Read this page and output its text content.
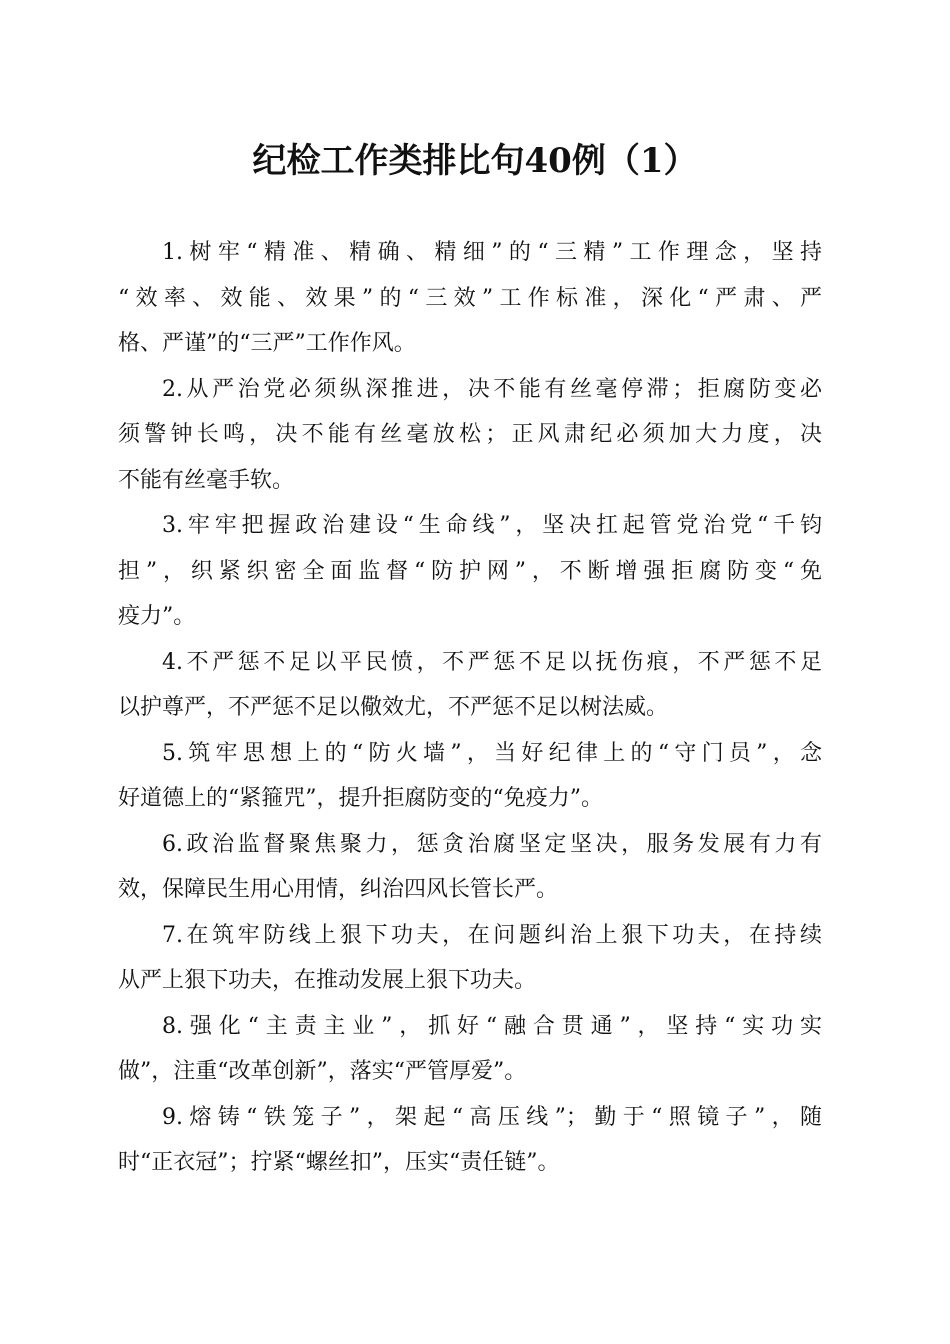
纪检工作类排比句40例（1）
1.树牢“精准、精确、精细”的“三精”工作理念，坚持
“效率、效能、效果”的“三效”工作标准，深化“严肃、严
格、严谨”的“三严”工作作风。
2.从严治党必须纵深推进，决不能有丝毫停滞；拒腐防变必
须警钟长鸣，决不能有丝毫放松；正风肃纪必须加大力度，决
不能有丝毫手软。
3.牢牢把握政治建设“生命线”，坚决扛起管党治党“千钧
担”，织紧织密全面监督“防护网”，不断增强拒腐防变“免
疫力”。
4.不严惩不足以平民愤，不严惩不足以抚伤痕，不严惩不足
以护尊严，不严惩不足以儆效尤，不严惩不足以树法威。
5.筑牢思想上的“防火墙”，当好纪律上的“守门员”，念
好道德上的“紧箍咒”，提升拒腐防变的“免疫力”。
6.政治监督聚焦聚力，惩贪治腐坚定坚决，服务发展有力有
效，保障民生用心用情，纠治四风长管长严。
7.在筑牢防线上狠下功夫，在问题纠治上狠下功夫，在持续
从严上狠下功夫，在推动发展上狠下功夫。
8.强化“主责主业”，抓好“融合贯通”，坚持“实功实
做”，注重“改革创新”，落实“严管厚爱”。
9.熔铸“铁笼子”，架起“高压线”；勤于“照镜子”，随
时“正衣冠”；拧紧“螺丝扣”，压实“责任链”。
